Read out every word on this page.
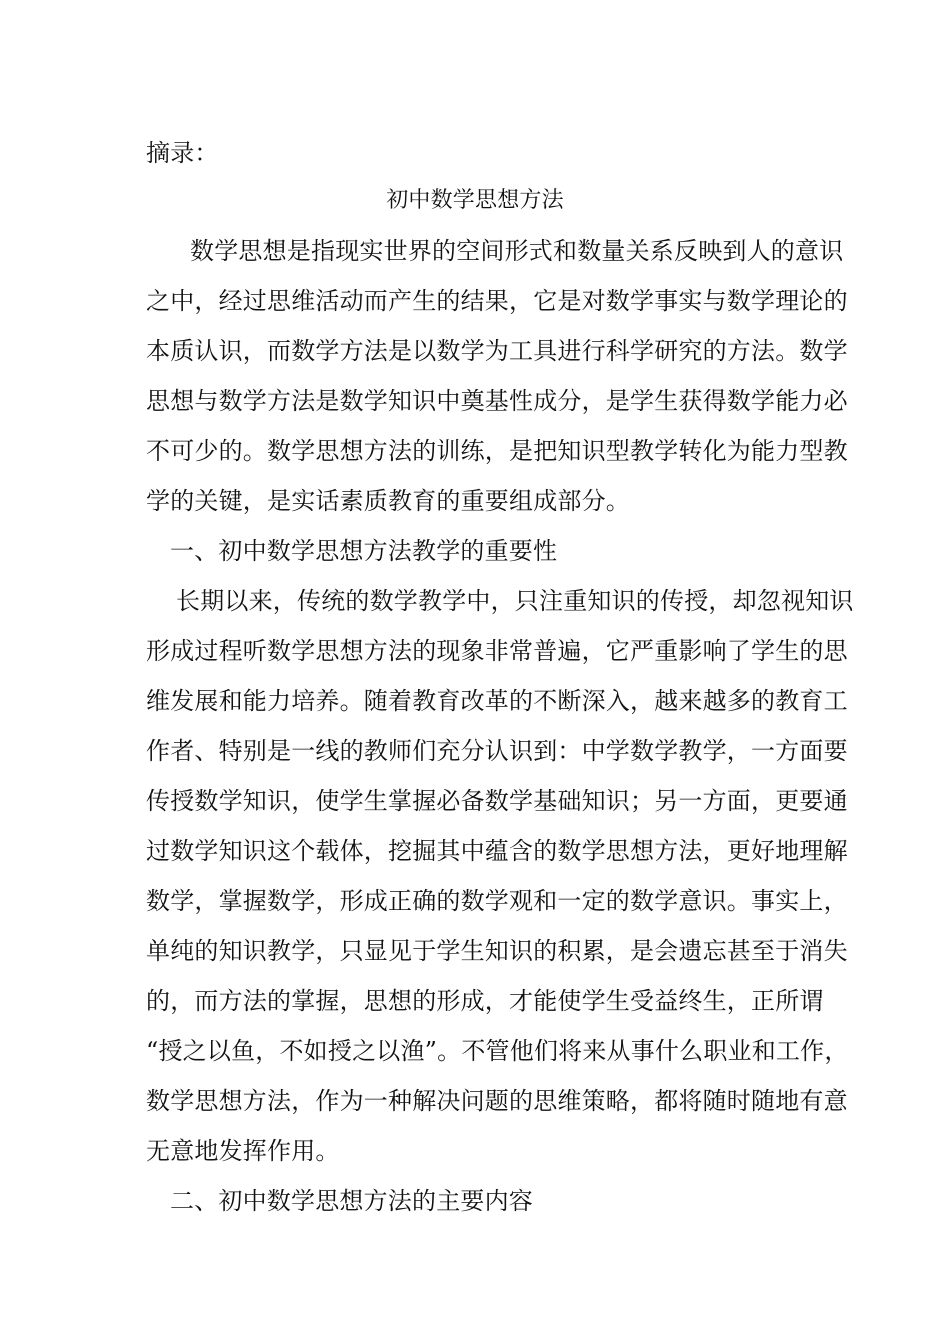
摘录：
初中数学思想方法
数学思想是指现实世界的空间形式和数量关系反映到人的意识
之中，经过思维活动而产生的结果，它是对数学事实与数学理论的
本质认识，而数学方法是以数学为工具进行科学研究的方法。数学
思想与数学方法是数学知识中奠基性成分，是学生获得数学能力必
不可少的。数学思想方法的训练，是把知识型教学转化为能力型教
学的关键，是实话素质教育的重要组成部分。
一、初中数学思想方法教学的重要性
长期以来，传统的数学教学中，只注重知识的传授，却忽视知识
形成过程听数学思想方法的现象非常普遍，它严重影响了学生的思
维发展和能力培养。随着教育改革的不断深入，越来越多的教育工
作者、特别是一线的教师们充分认识到：中学数学教学，一方面要
传授数学知识，使学生掌握必备数学基础知识；另一方面，更要通
过数学知识这个载体，挖掘其中蕴含的数学思想方法，更好地理解
数学，掌握数学，形成正确的数学观和一定的数学意识。事实上，
单纯的知识教学，只显见于学生知识的积累，是会遗忘甚至于消失
的，而方法的掌握，思想的形成，才能使学生受益终生，正所谓
“授之以鱼，不如授之以渔”。不管他们将来从事什么职业和工作，
数学思想方法，作为一种解决问题的思维策略，都将随时随地有意
无意地发挥作用。
二、初中数学思想方法的主要内容
